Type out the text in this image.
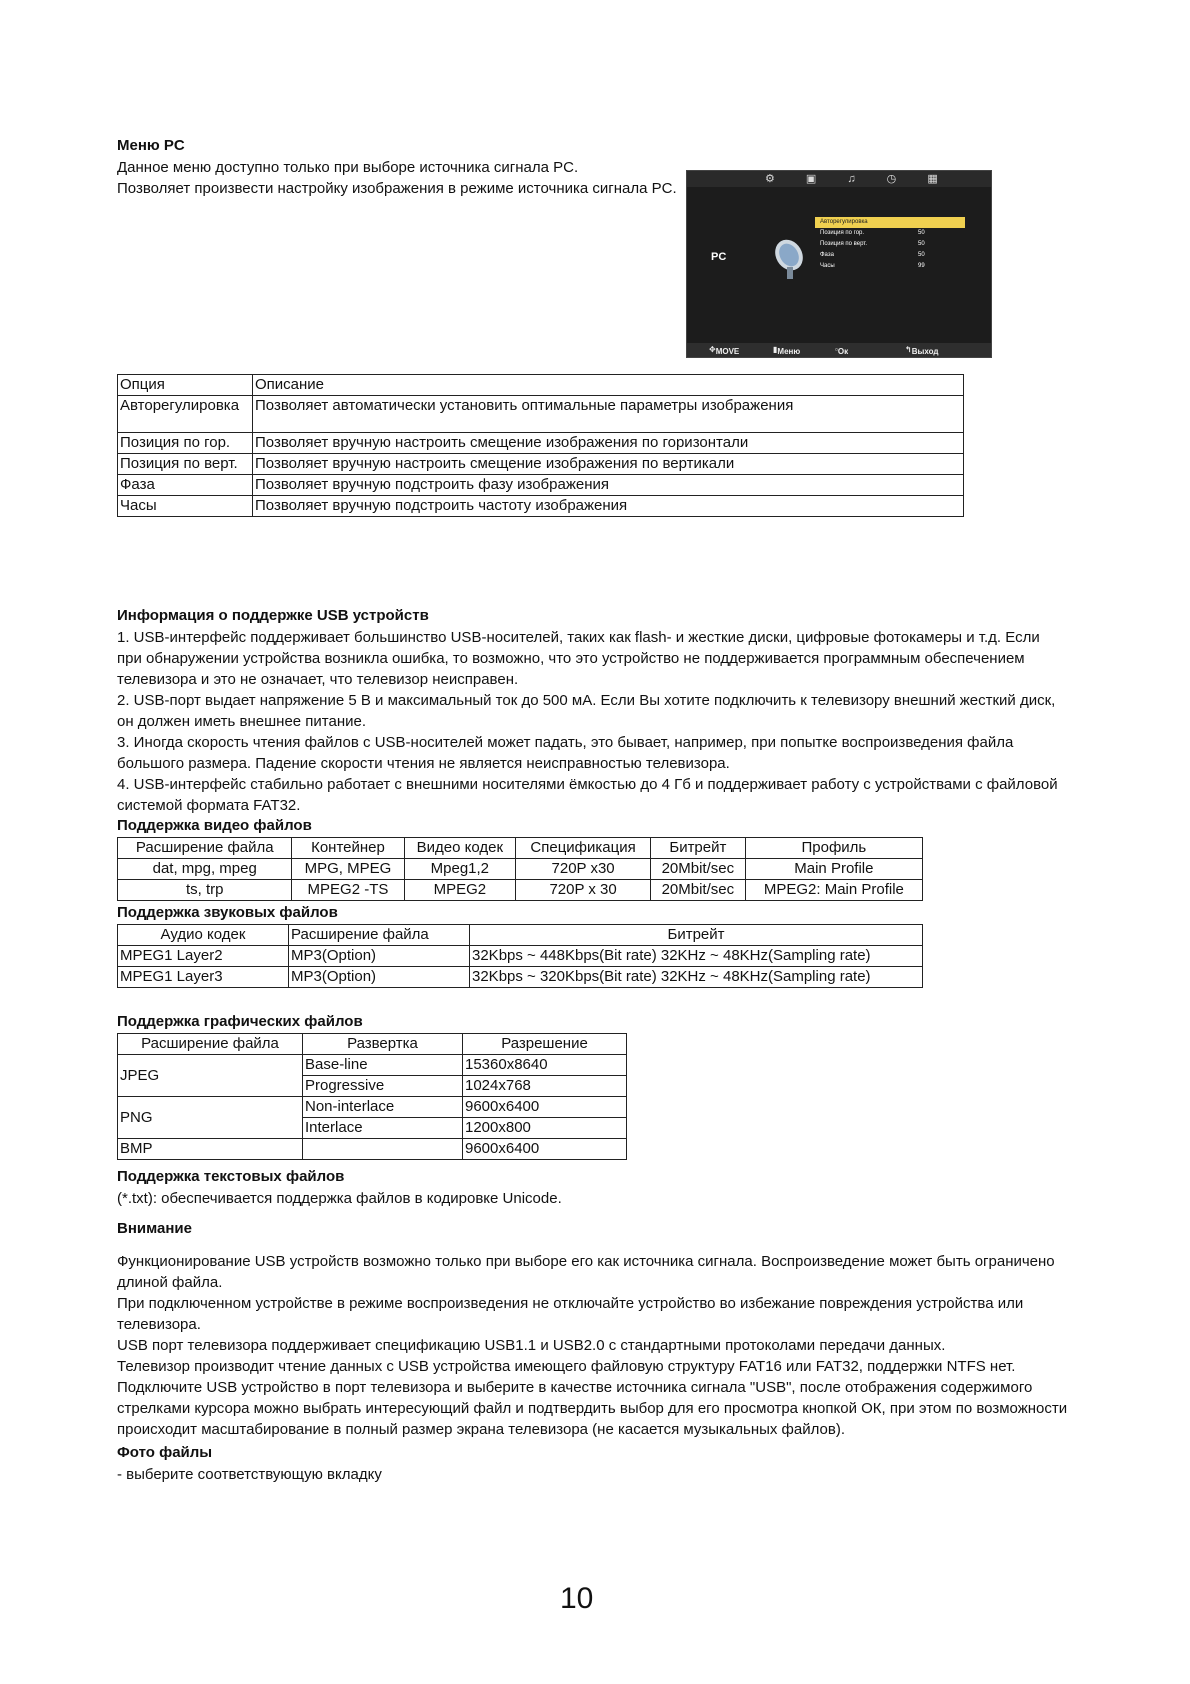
Меню PC
Данное меню доступно только при выборе источника сигнала PC.
Позволяет произвести настройку изображения в режиме источника сигнала PC.
⚙ ▣ ♫ ◷ ▦
PC
Авторегулировка
Позиция по гор.	50
Позиция по верт.	50
Фаза	50
Часы	99
✥ MOVE	▮ Меню	▫ Ок	↰ Выход
Опция	Описание
Авторегулировка	Позволяет автоматически установить оптимальные параметры изображения
Позиция по гор.	Позволяет вручную настроить смещение изображения по горизонтали
Позиция по верт.	Позволяет вручную настроить смещение изображения по вертикали
Фаза	Позволяет вручную подстроить фазу изображения
Часы	Позволяет вручную подстроить частоту изображения
Информация о поддержке USB устройств
1. USB-интерфейс поддерживает большинство USB-носителей, таких как flash- и жесткие диски, цифровые фотокамеры и т.д. Если
при обнаружении устройства возникла ошибка, то возможно, что это устройство не поддерживается программным обеспечением
телевизора и это не означает, что телевизор неисправен.
2. USB-порт выдает напряжение 5 В и максимальный ток до 500 мА. Если Вы хотите подключить к телевизору внешний жесткий диск,
он должен иметь внешнее питание.
3. Иногда скорость чтения файлов с USB-носителей может падать, это бывает, например, при попытке воспроизведения файла
большого размера. Падение скорости чтения не является неисправностью телевизора.
4. USB-интерфейс стабильно работает с внешними носителями ёмкостью до 4 Гб и поддерживает работу с устройствами с файловой
системой формата FAT32.
Поддержка видео файлов
Расширение файла	Контейнер	Видео кодек	Спецификация	Битрейт	Профиль
dat, mpg, mpeg	MPG, MPEG	Mpeg1,2	720P x30	20Mbit/sec	Main Profile
ts, trp	MPEG2 -TS	MPEG2	720P x 30	20Mbit/sec	MPEG2: Main Profile
Поддержка звуковых файлов
Аудио кодек	Расширение файла	Битрейт
MPEG1 Layer2	MP3(Option)	32Kbps ~ 448Kbps(Bit rate) 32KHz ~ 48KHz(Sampling rate)
MPEG1 Layer3	MP3(Option)	32Kbps ~ 320Kbps(Bit rate) 32KHz ~ 48KHz(Sampling rate)
Поддержка графических файлов
Расширение файла	Развертка	Разрешение
JPEG	Base-line	15360x8640
	Progressive	1024x768
PNG	Non-interlace	9600x6400
	Interlace	1200x800
BMP		9600x6400
Поддержка текстовых файлов
(*.txt): обеспечивается поддержка файлов в кодировке Unicode.
Внимание
Функционирование USB устройств возможно только при выборе его как источника сигнала. Воспроизведение может быть ограничено
длиной файла.
При подключенном устройстве в режиме воспроизведения не отключайте устройство во избежание повреждения устройства или
телевизора.
USB порт телевизора поддерживает спецификацию USB1.1 и USB2.0 с стандартными протоколами передачи данных.
Телевизор производит чтение данных с USB устройства имеющего файловую структуру FAT16 или FAT32, поддержки NTFS нет.
Подключите USB устройство в порт телевизора и выберите в качестве источника сигнала "USB", после отображения содержимого
стрелками курсора можно выбрать интересующий файл и подтвердить выбор для его просмотра кнопкой ОК, при этом по возможности
происходит масштабирование в полный размер экрана телевизора (не касается музыкальных файлов).
Фото файлы
- выберите соответствующую вкладку
10
